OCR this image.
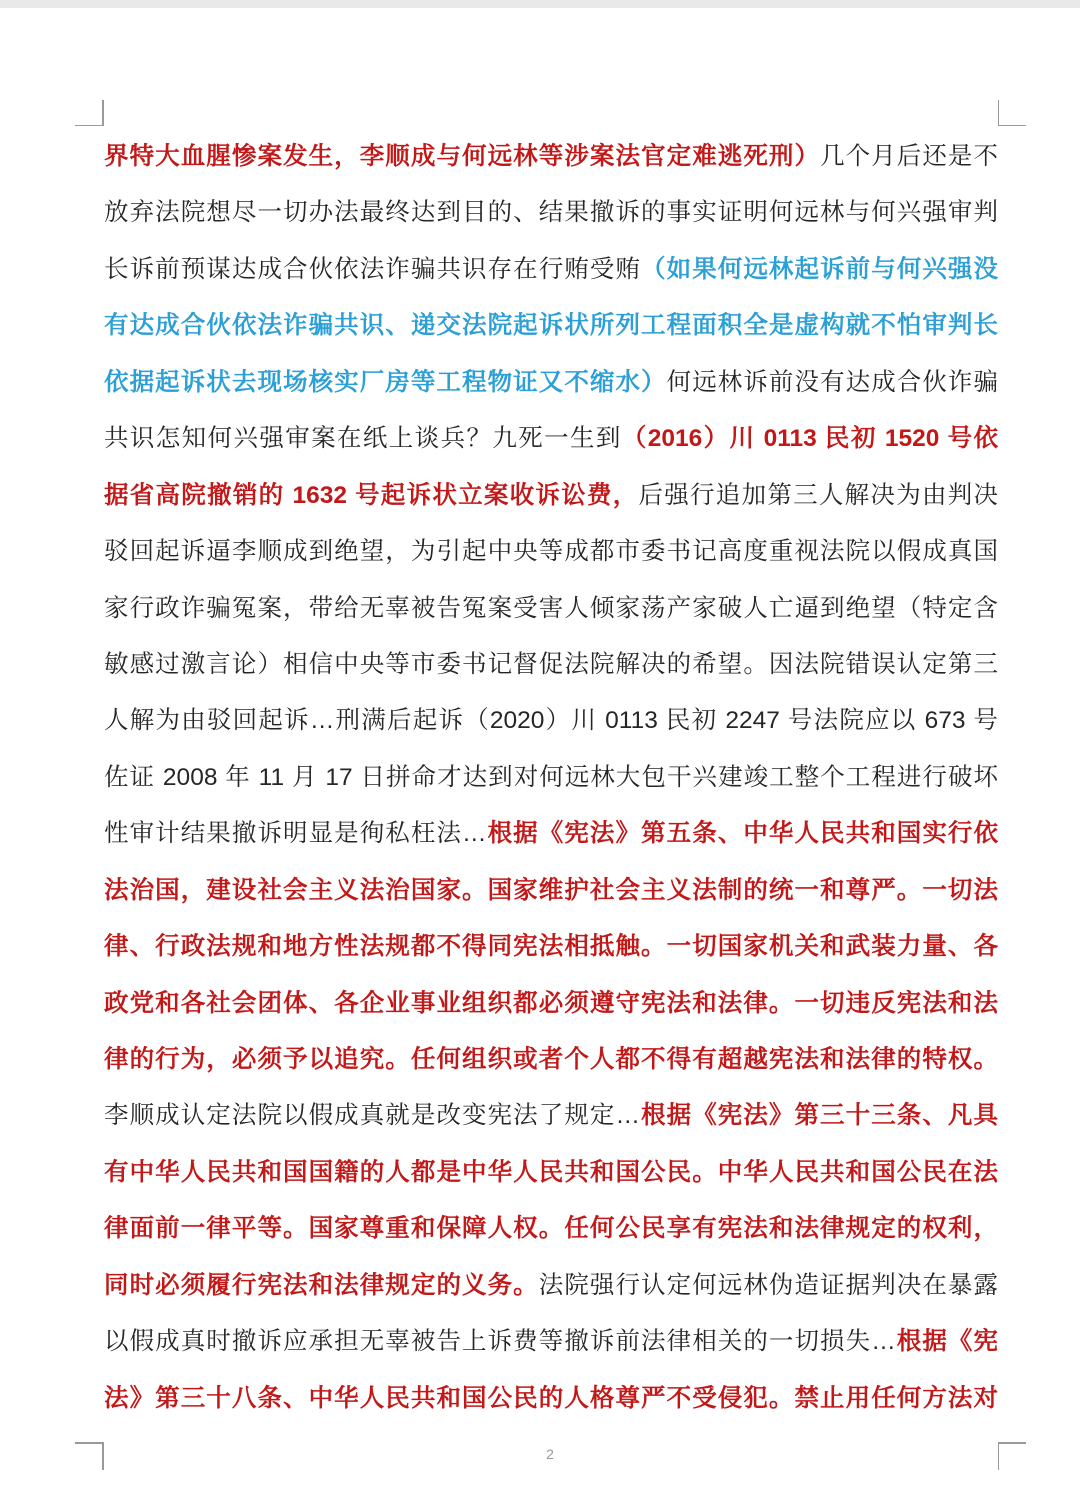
界特大血腥惨案发生，李顺成与何远林等涉案法官定难逃死刑）几个月后还是不
放弃法院想尽一切办法最终达到目的、结果撤诉的事实证明何远林与何兴强审判
长诉前预谋达成合伙依法诈骗共识存在行贿受贿（如果何远林起诉前与何兴强没
有达成合伙依法诈骗共识、递交法院起诉状所列工程面积全是虚构就不怕审判长
依据起诉状去现场核实厂房等工程物证又不缩水）何远林诉前没有达成合伙诈骗
共识怎知何兴强审案在纸上谈兵？九死一生到（2016）川 0113 民初 1520 号依
据省高院撤销的 1632 号起诉状立案收诉讼费，后强行追加第三人解决为由判决
驳回起诉逼李顺成到绝望，为引起中央等成都市委书记高度重视法院以假成真国
家行政诈骗冤案，带给无辜被告冤案受害人倾家荡产家破人亡逼到绝望（特定含
敏感过激言论）相信中央等市委书记督促法院解决的希望。因法院错误认定第三
人解为由驳回起诉…刑满后起诉（2020）川 0113 民初 2247 号法院应以 673 号
佐证 2008 年 11 月 17 日拼命才达到对何远林大包干兴建竣工整个工程进行破坏
性审计结果撤诉明显是徇私枉法…根据《宪法》第五条、中华人民共和国实行依
法治国，建设社会主义法治国家。国家维护社会主义法制的统一和尊严。一切法
律、行政法规和地方性法规都不得同宪法相抵触。一切国家机关和武装力量、各
政党和各社会团体、各企业事业组织都必须遵守宪法和法律。一切违反宪法和法
律的行为，必须予以追究。任何组织或者个人都不得有超越宪法和法律的特权。
李顺成认定法院以假成真就是改变宪法了规定…根据《宪法》第三十三条、凡具
有中华人民共和国国籍的人都是中华人民共和国公民。中华人民共和国公民在法
律面前一律平等。国家尊重和保障人权。任何公民享有宪法和法律规定的权利，
同时必须履行宪法和法律规定的义务。法院强行认定何远林伪造证据判决在暴露
以假成真时撤诉应承担无辜被告上诉费等撤诉前法律相关的一切损失…根据《宪
法》第三十八条、中华人民共和国公民的人格尊严不受侵犯。禁止用任何方法对
2
